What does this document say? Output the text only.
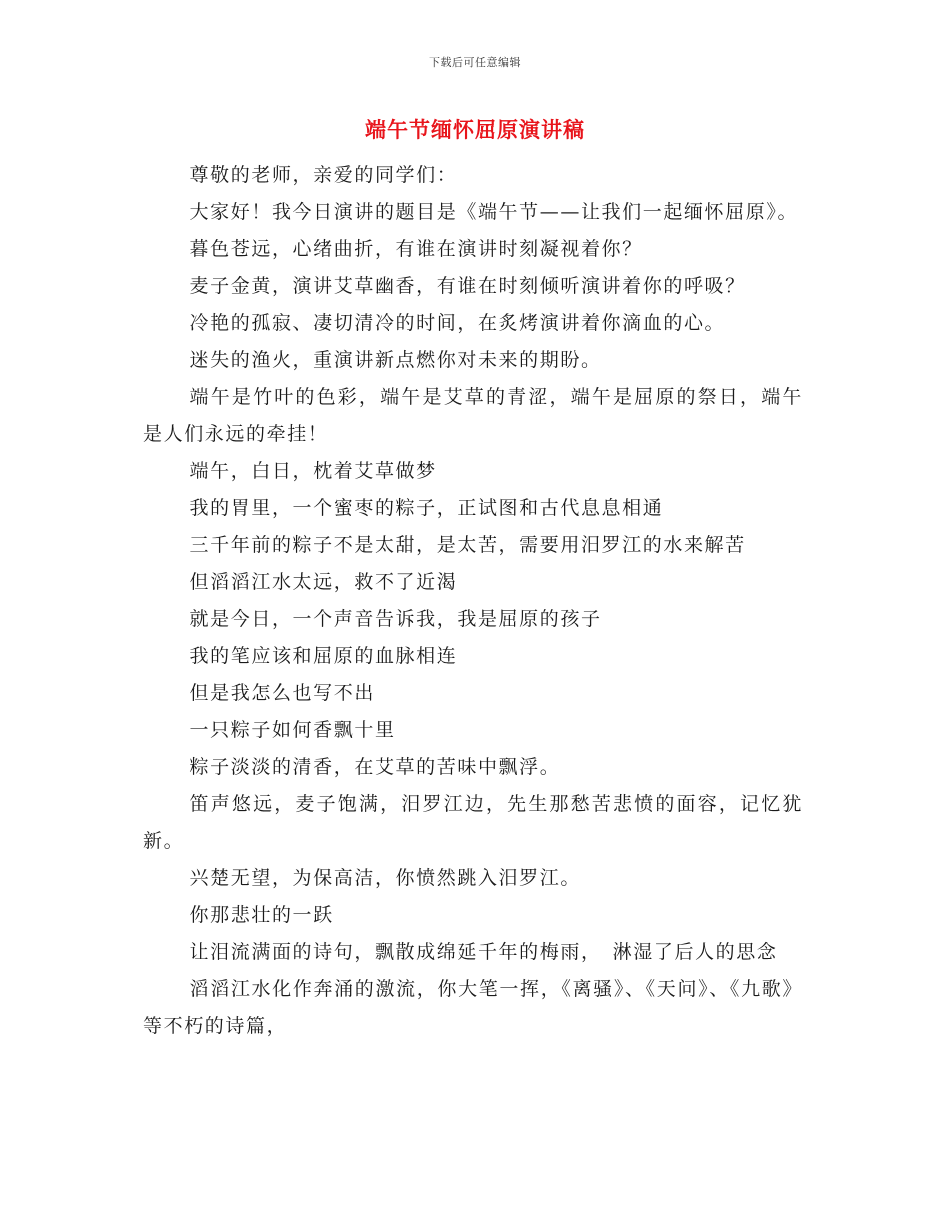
下载后可任意编辑
端午节缅怀屈原演讲稿

尊敬的老师，亲爱的同学们：

大家好！我今日演讲的题目是《端午节——让我们一起缅怀屈原》。

暮色苍远，心绪曲折，有谁在演讲时刻凝视着你？

麦子金黄，演讲艾草幽香，有谁在时刻倾听演讲着你的呼吸？

冷艳的孤寂、凄切清冷的时间，在炙烤演讲着你滴血的心。

迷失的渔火，重演讲新点燃你对未来的期盼。

端午是竹叶的色彩，端午是艾草的青涩，端午是屈原的祭日，端午是人们永远的牵挂！

端午，白日，枕着艾草做梦

我的胃里，一个蜜枣的粽子，正试图和古代息息相通

三千年前的粽子不是太甜，是太苦，需要用汨罗江的水来解苦

但滔滔江水太远，救不了近渴

就是今日，一个声音告诉我，我是屈原的孩子

我的笔应该和屈原的血脉相连

但是我怎么也写不出

一只粽子如何香飘十里

粽子淡淡的清香，在艾草的苦味中飘浮。

笛声悠远，麦子饱满，汨罗江边，先生那愁苦悲愤的面容，记忆犹新。

兴楚无望，为保高洁，你愤然跳入汨罗江。

你那悲壮的一跃

让泪流满面的诗句，飘散成绵延千年的梅雨，　淋湿了后人的思念

滔滔江水化作奔涌的激流，你大笔一挥，《离骚》、《天问》、《九歌》等不朽的诗篇，
